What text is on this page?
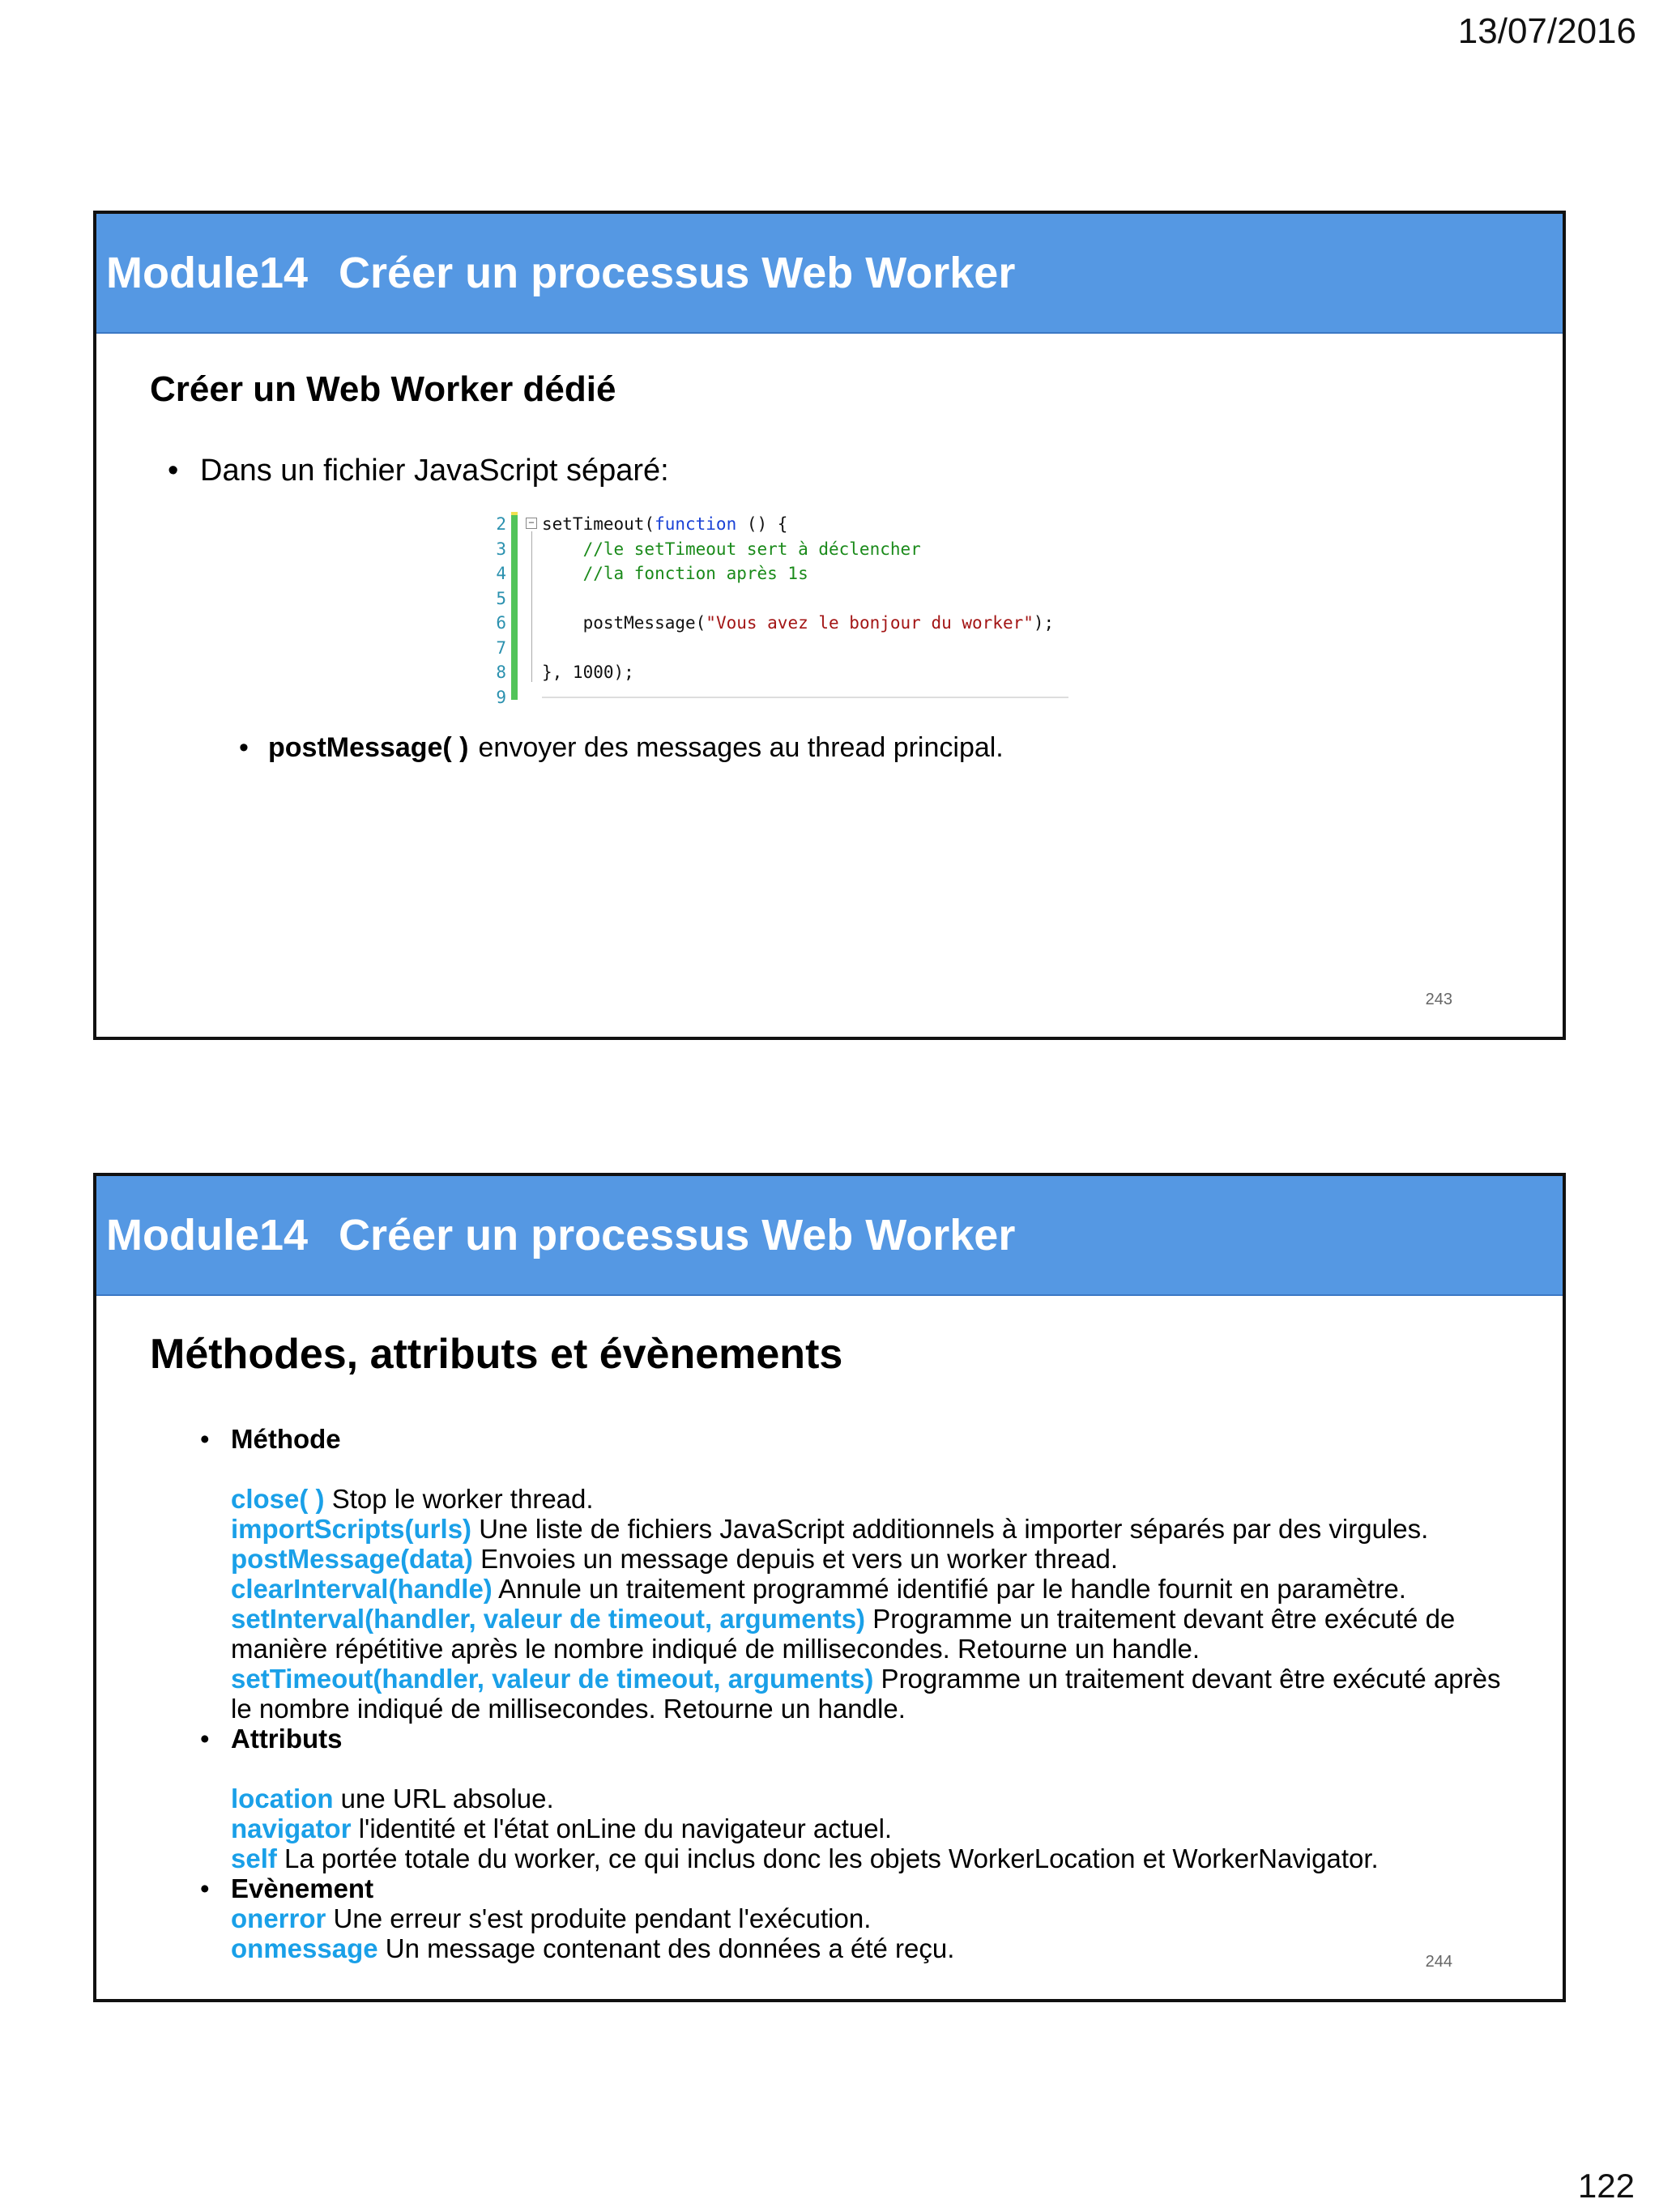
13/07/2016
Module14 Créer un processus Web Worker
Créer un Web Worker dédié
• Dans un fichier JavaScript séparé:
2
3
4
5
6
7
8
9
− setTimeout(function () {
//le setTimeout sert à déclencher
//la fonction après 1s
postMessage("Vous avez le bonjour du worker");
}, 1000);
• postMessage( ) envoyer des messages au thread principal.
243
Module14 Créer un processus Web Worker
Méthodes, attributs et évènements
• Méthode
close( ) Stop le worker thread.
importScripts(urls) Une liste de fichiers JavaScript additionnels à importer séparés par des virgules.
postMessage(data) Envoies un message depuis et vers un worker thread.
clearInterval(handle) Annule un traitement programmé identifié par le handle fournit en paramètre.
setInterval(handler, valeur de timeout, arguments) Programme un traitement devant être exécuté de manière répétitive après le nombre indiqué de millisecondes. Retourne un handle.
setTimeout(handler, valeur de timeout, arguments) Programme un traitement devant être exécuté après le nombre indiqué de millisecondes. Retourne un handle.
• Attributs
location une URL absolue.
navigator l'identité et l'état onLine du navigateur actuel.
self La portée totale du worker, ce qui inclus donc les objets WorkerLocation et WorkerNavigator.
• Evènement
onerror Une erreur s'est produite pendant l'exécution.
onmessage Un message contenant des données a été reçu.	244
122
